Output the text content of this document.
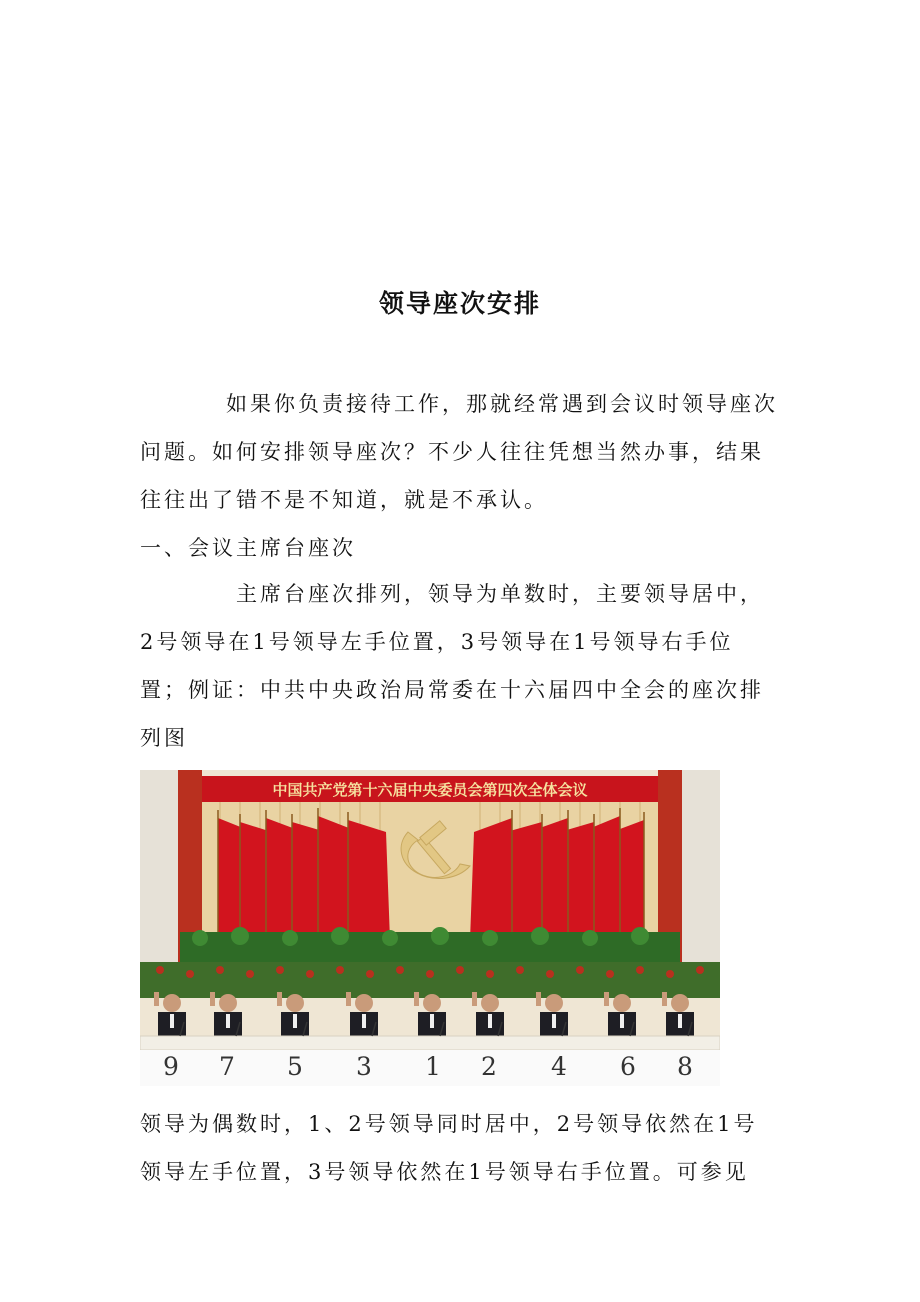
领导座次安排

如果你负责接待工作，那就经常遇到会议时领导座次问题。如何安排领导座次？不少人往往凭想当然办事，结果往往出了错不是不知道，就是不承认。

一、会议主席台座次

主席台座次排列，领导为单数时，主要领导居中，2号领导在1号领导左手位置，3号领导在1号领导右手位置；例证：中共中央政治局常委在十六届四中全会的座次排列图

中国共产党第十六届中央委员会第四次全体会议
9 7 5 3 1 2 4 6 8

领导为偶数时，1、2号领导同时居中，2号领导依然在1号领导左手位置，3号领导依然在1号领导右手位置。可参见
